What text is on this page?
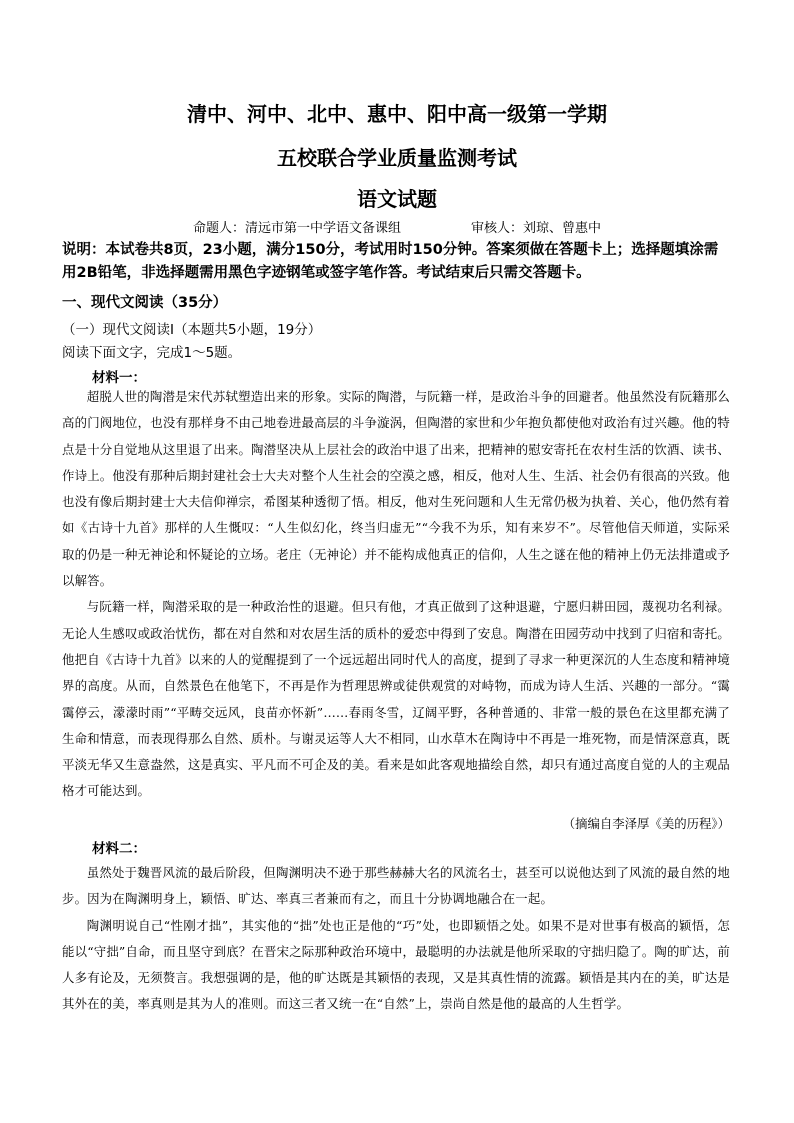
清中、河中、北中、惠中、阳中高一级第一学期
五校联合学业质量监测考试
语文试题
命题人：清远市第一中学语文备课组	审核人：刘琼、曾惠中
说明：本试卷共8页，23小题，满分150分，考试用时150分钟。答案须做在答题卡上；选择题填涂需用2B铅笔，非选择题需用黑色字迹钢笔或签字笔作答。考试结束后只需交答题卡。
一、现代文阅读（35分）
（一）现代文阅读Ⅰ（本题共5小题，19分）
阅读下面文字，完成1～5题。
材料一：

超脱人世的陶潜是宋代苏轼塑造出来的形象。实际的陶潜，与阮籍一样，是政治斗争的回避者。他虽然没有阮籍那么高的门阀地位，也没有那样身不由己地卷进最高层的斗争漩涡，但陶潜的家世和少年抱负都使他对政治有过兴趣。他的特点是十分自觉地从这里退了出来。陶潜坚决从上层社会的政治中退了出来，把精神的慰安寄托在农村生活的饮酒、读书、作诗上。他没有那种后期封建社会士大夫对整个人生社会的空漠之感，相反，他对人生、生活、社会仍有很高的兴致。他也没有像后期封建士大夫信仰禅宗，希图某种透彻了悟。相反，他对生死问题和人生无常仍极为执着、关心，他仍然有着如《古诗十九首》那样的人生慨叹：“人生似幻化，终当归虚无”“今我不为乐，知有来岁不”。尽管他信天师道，实际采取的仍是一种无神论和怀疑论的立场。老庄（无神论）并不能构成他真正的信仰，人生之谜在他的精神上仍无法排遣或予以解答。

与阮籍一样，陶潜采取的是一种政治性的退避。但只有他，才真正做到了这种退避，宁愿归耕田园，蔑视功名利禄。无论人生感叹或政治忧伤，都在对自然和对农居生活的质朴的爱恋中得到了安息。陶潜在田园劳动中找到了归宿和寄托。他把自《古诗十九首》以来的人的觉醒提到了一个远远超出同时代人的高度，提到了寻求一种更深沉的人生态度和精神境界的高度。从而，自然景色在他笔下，不再是作为哲理思辨或徒供观赏的对峙物，而成为诗人生活、兴趣的一部分。“霭霭停云，濛濛时雨”“平畴交远风，良苗亦怀新”……春雨冬雪，辽阔平野，各种普通的、非常一般的景色在这里都充满了生命和情意，而表现得那么自然、质朴。与谢灵运等人大不相同，山水草木在陶诗中不再是一堆死物，而是情深意真，既平淡无华又生意盎然，这是真实、平凡而不可企及的美。看来是如此客观地描绘自然，却只有通过高度自觉的人的主观品格才可能达到。

（摘编自李泽厚《美的历程》）
材料二：

虽然处于魏晋风流的最后阶段，但陶渊明决不逊于那些赫赫大名的风流名士，甚至可以说他达到了风流的最自然的地步。因为在陶渊明身上，颖悟、旷达、率真三者兼而有之，而且十分协调地融合在一起。

陶渊明说自己“性刚才拙”，其实他的“拙”处也正是他的“巧”处，也即颖悟之处。如果不是对世事有极高的颖悟，怎能以“守拙”自命，而且坚守到底？在晋宋之际那种政治环境中，最聪明的办法就是他所采取的守拙归隐了。陶的旷达，前人多有论及，无须赘言。我想强调的是，他的旷达既是其颖悟的表现，又是其真性情的流露。颖悟是其内在的美，旷达是其外在的美，率真则是其为人的准则。而这三者又统一在“自然”上，崇尚自然是他的最高的人生哲学。
